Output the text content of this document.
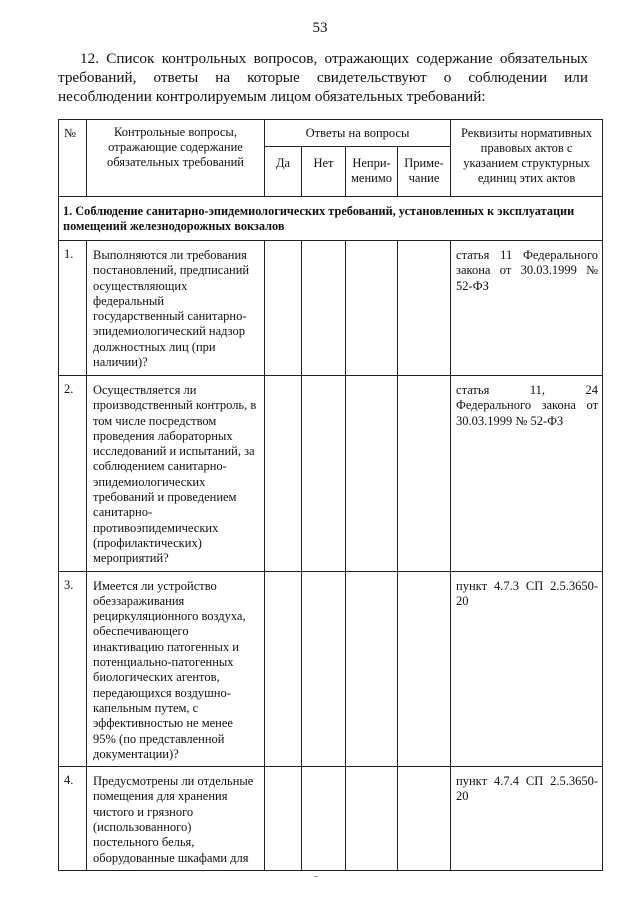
53
12. Список контрольных вопросов, отражающих содержание обязательных требований, ответы на которые свидетельствуют о соблюдении или несоблюдении контролируемым лицом обязательных требований:
№	Контрольные вопросы, отражающие содержание обязательных требований	Ответы на вопросы				Реквизиты нормативных правовых актов с указанием структурных единиц этих актов
		Да	Нет	Непри-менимо	Приме-чание	
1. Соблюдение санитарно-эпидемиологических требований, установленных к эксплуатации помещений железнодорожных вокзалов						
1.	Выполняются ли требования постановлений, предписаний осуществляющих федеральный государственный санитарно-эпидемиологический надзор должностных лиц (при наличии)?					статья 11 Федерального закона от 30.03.1999 № 52-ФЗ
2.	Осуществляется ли производственный контроль, в том числе посредством проведения лабораторных исследований и испытаний, за соблюдением санитарно-эпидемиологических требований и проведением санитарно-противоэпидемических (профилактических) мероприятий?					статья 11, 24 Федерального закона от 30.03.1999 № 52-ФЗ
3.	Имеется ли устройство обеззараживания рециркуляционного воздуха, обеспечивающего инактивацию патогенных и потенциально-патогенных биологических агентов, передающихся воздушно-капельным путем, с эффективностью не менее 95% (по представленной документации)?					пункт 4.7.3 СП 2.5.3650-20
4.	Предусмотрены ли отдельные помещения для хранения чистого и грязного (использованного) постельного белья, оборудованные шкафами для					пункт 4.7.4 СП 2.5.3650-20
